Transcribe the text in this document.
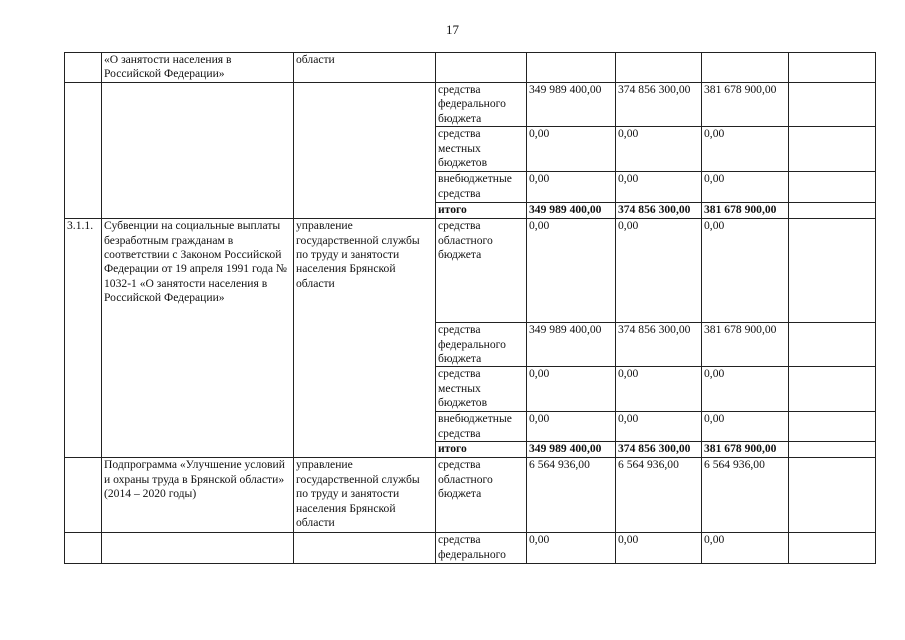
17
	«О занятости населения в Российской Федерации»	области					
			средства федерального бюджета	349 989 400,00	374 856 300,00	381 678 900,00	
			средства местных бюджетов	0,00	0,00	0,00	
			внебюджетные средства	0,00	0,00	0,00	
			итого	349 989 400,00	374 856 300,00	381 678 900,00	
3.1.1.	Субвенции на социальные выплаты безработным гражданам в соответствии с Законом Российской Федерации от 19 апреля 1991 года № 1032-1 «О занятости населения в Российской Федерации»	управление государственной службы по труду и занятости населения Брянской области	средства областного бюджета	0,00	0,00	0,00	
			средства федерального бюджета	349 989 400,00	374 856 300,00	381 678 900,00	
			средства местных бюджетов	0,00	0,00	0,00	
			внебюджетные средства	0,00	0,00	0,00	
			итого	349 989 400,00	374 856 300,00	381 678 900,00	
	Подпрограмма «Улучшение условий и охраны труда в Брянской области» (2014 – 2020 годы)	управление государственной службы по труду и занятости населения Брянской области	средства областного бюджета	6 564 936,00	6 564 936,00	6 564 936,00	
			средства федерального	0,00	0,00	0,00	
